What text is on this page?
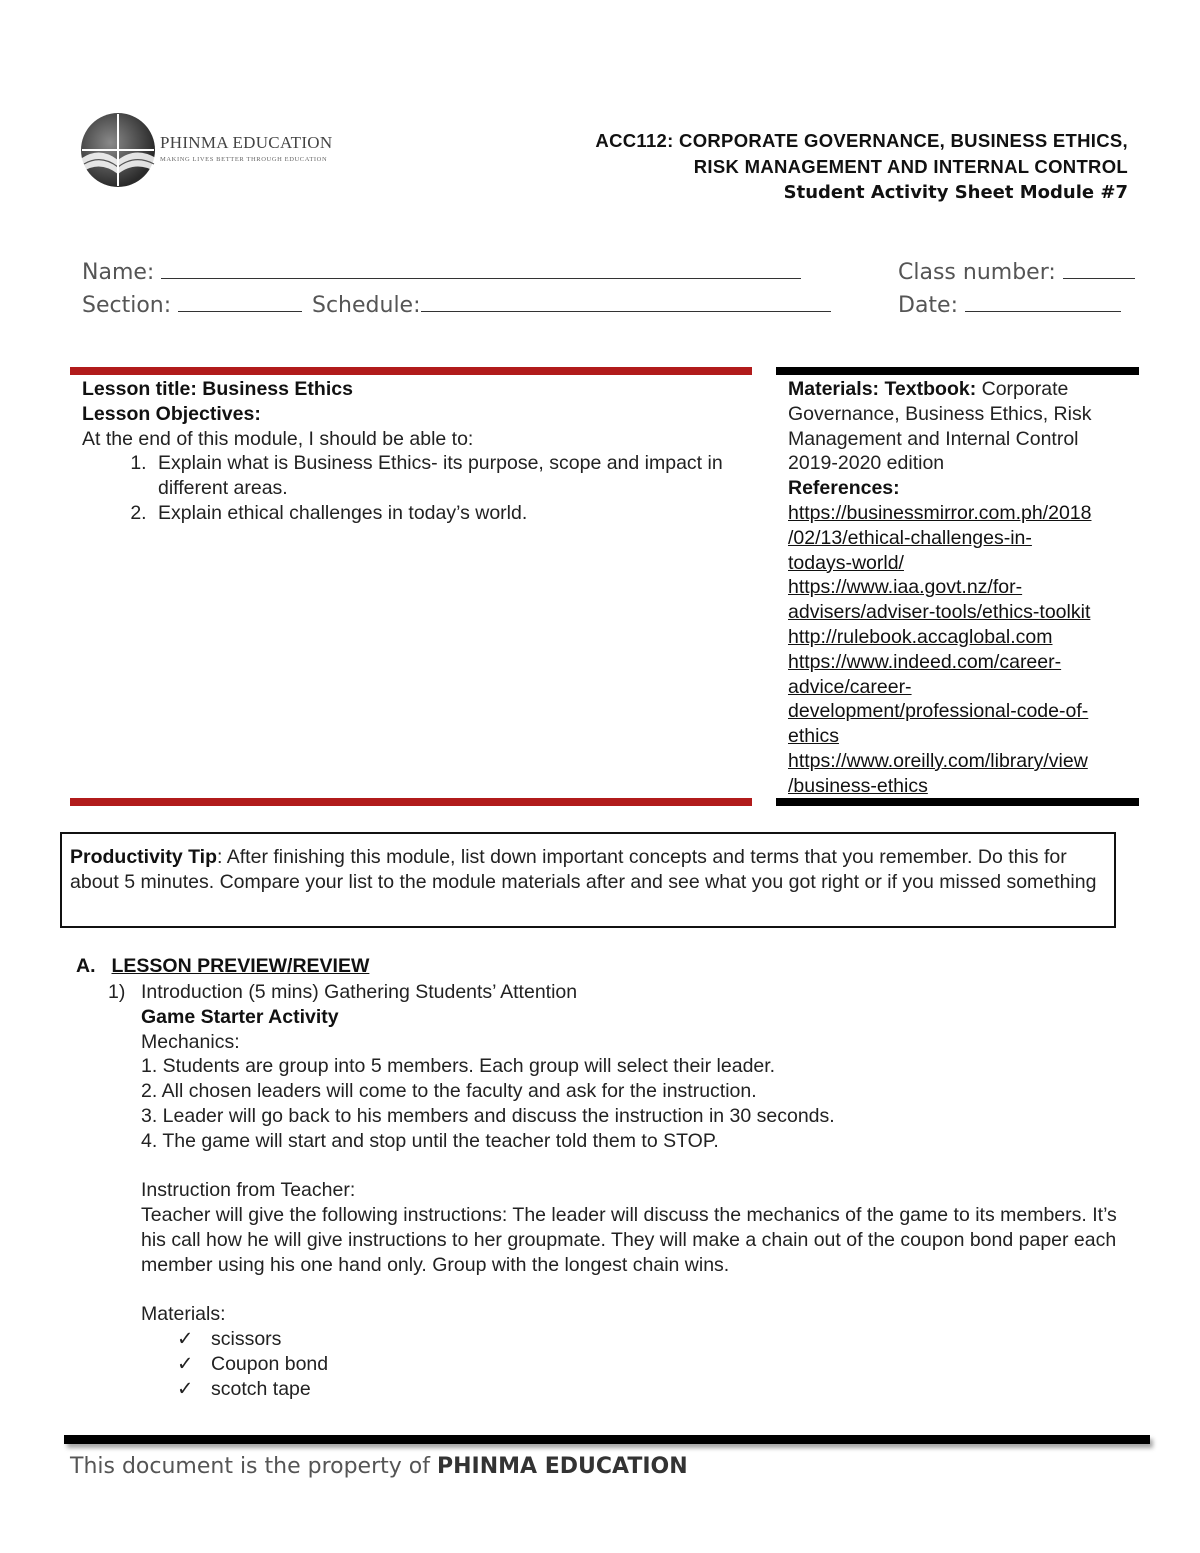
PHINMA EDUCATION
MAKING LIVES BETTER THROUGH EDUCATION
ACC112: CORPORATE GOVERNANCE, BUSINESS ETHICS,
RISK MANAGEMENT AND INTERNAL CONTROL
Student Activity Sheet Module #7
Name:	Class number:
Section:	Schedule:	Date:
Lesson title: Business Ethics
Lesson Objectives:
At the end of this module, I should be able to:
1. Explain what is Business Ethics- its purpose, scope and impact in different areas.
2. Explain ethical challenges in today’s world.
Materials: Textbook: Corporate Governance, Business Ethics, Risk Management and Internal Control 2019-2020 edition
References:
https://businessmirror.com.ph/2018
/02/13/ethical-challenges-in-
todays-world/
https://www.iaa.govt.nz/for-
advisers/adviser-tools/ethics-toolkit
http://rulebook.accaglobal.com
https://www.indeed.com/career-
advice/career-
development/professional-code-of-
ethics
https://www.oreilly.com/library/view
/business-ethics
Productivity Tip: After finishing this module, list down important concepts and terms that you remember. Do this for about 5 minutes. Compare your list to the module materials after and see what you got right or if you missed something
A. LESSON PREVIEW/REVIEW
1) Introduction (5 mins) Gathering Students’ Attention
Game Starter Activity
Mechanics:
1. Students are group into 5 members. Each group will select their leader.
2. All chosen leaders will come to the faculty and ask for the instruction.
3. Leader will go back to his members and discuss the instruction in 30 seconds.
4. The game will start and stop until the teacher told them to STOP.
Instruction from Teacher:
Teacher will give the following instructions: The leader will discuss the mechanics of the game to its members. It’s his call how he will give instructions to her groupmate. They will make a chain out of the coupon bond paper each member using his one hand only. Group with the longest chain wins.
Materials:
✓ scissors
✓ Coupon bond
✓ scotch tape
This document is the property of PHINMA EDUCATION
